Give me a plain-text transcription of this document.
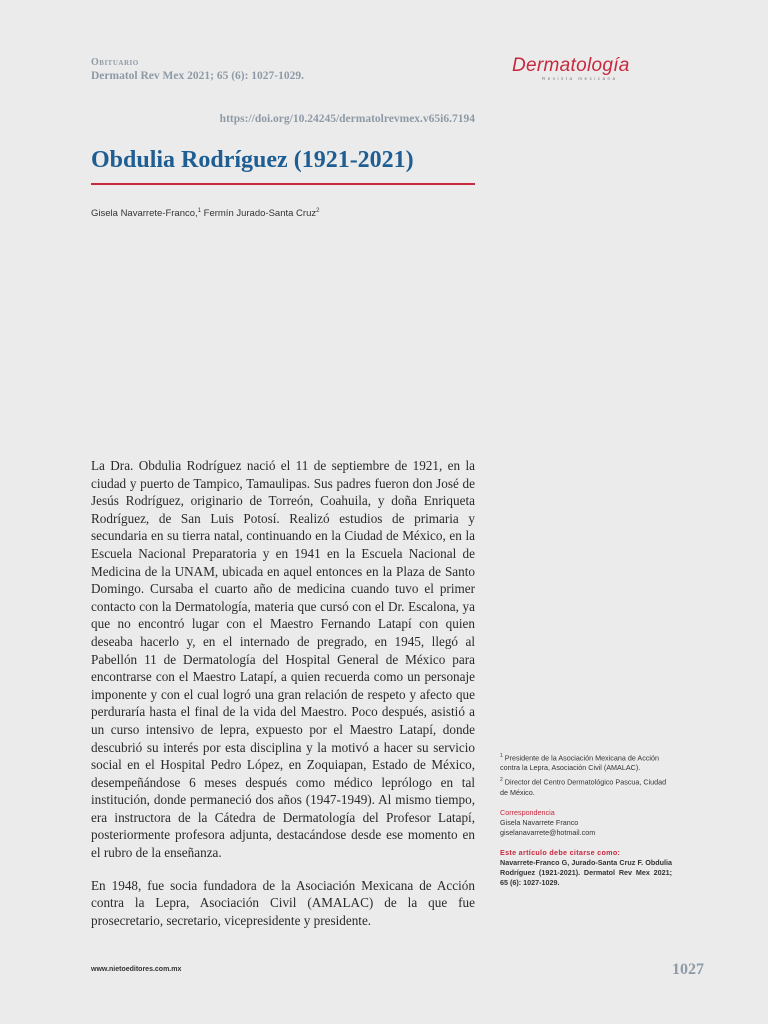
Obituario
Dermatol Rev Mex 2021; 65 (6): 1027-1029.	Dermatología
Revista mexicana
https://doi.org/10.24245/dermatolrevmex.v65i6.7194
Obdulia Rodríguez (1921-2021)
Gisela Navarrete-Franco,$^1$ Fermín Jurado-Santa Cruz$^2$

La Dra. Obdulia Rodríguez nació el 11 de septiembre de 1921, en la ciudad y puerto de Tampico, Tamaulipas. Sus padres fueron don José de Jesús Rodríguez, originario de Torreón, Coahuila, y doña Enriqueta Rodríguez, de San Luis Potosí. Realizó estudios de primaria y secundaria en su tierra natal, continuando en la Ciudad de México, en la Escuela Nacional Preparatoria y en 1941 en la Escuela Nacional de Medicina de la UNAM, ubicada en aquel entonces en la Plaza de Santo Domingo. Cursaba el cuarto año de medicina cuando tuvo el primer contacto con la Dermatología, materia que cursó con el Dr. Escalona, ya que no encontró lugar con el Maestro Fernando Latapí con quien deseaba hacerlo y, en el internado de pregrado, en 1945, llegó al Pabellón 11 de Dermatología del Hospital General de México para encontrarse con el Maestro Latapí, a quien recuerda como un personaje imponente y con el cual logró una gran relación de respeto y afecto que perduraría hasta el final de la vida del Maestro. Poco después, asistió a un curso intensivo de lepra, expuesto por el Maestro Latapí, donde descubrió su interés por esta disciplina y la motivó a hacer su servicio social en el Hospital Pedro López, en Zoquiapan, Estado de México, desempeñándose 6 meses después como médico leprólogo en tal institución, donde permaneció dos años (1947-1949). Al mismo tiempo, era instructora de la Cátedra de Dermatología del Profesor Latapí, posteriormente profesora adjunta, destacándose desde ese momento en el rubro de la enseñanza.

En 1948, fue socia fundadora de la Asociación Mexicana de Acción contra la Lepra, Asociación Civil (AMALAC) de la que fue prosecretario, secretario, vicepresidente y presidente.

$^1$ Presidente de la Asociación Mexicana de Acción contra la Lepra, Asociación Civil (AMALAC).

$^2$ Director del Centro Dermatológico Pascua, Ciudad de México.

Correspondencia

Gisela Navarrete Franco

giselanavarrete@hotmail.com

Este artículo debe citarse como:

Navarrete-Franco G, Jurado-Santa Cruz F. Obdulia Rodríguez (1921-2021). Dermatol Rev Mex 2021; 65 (6): 1027-1029.

www.nietoeditores.com.mx	1027
